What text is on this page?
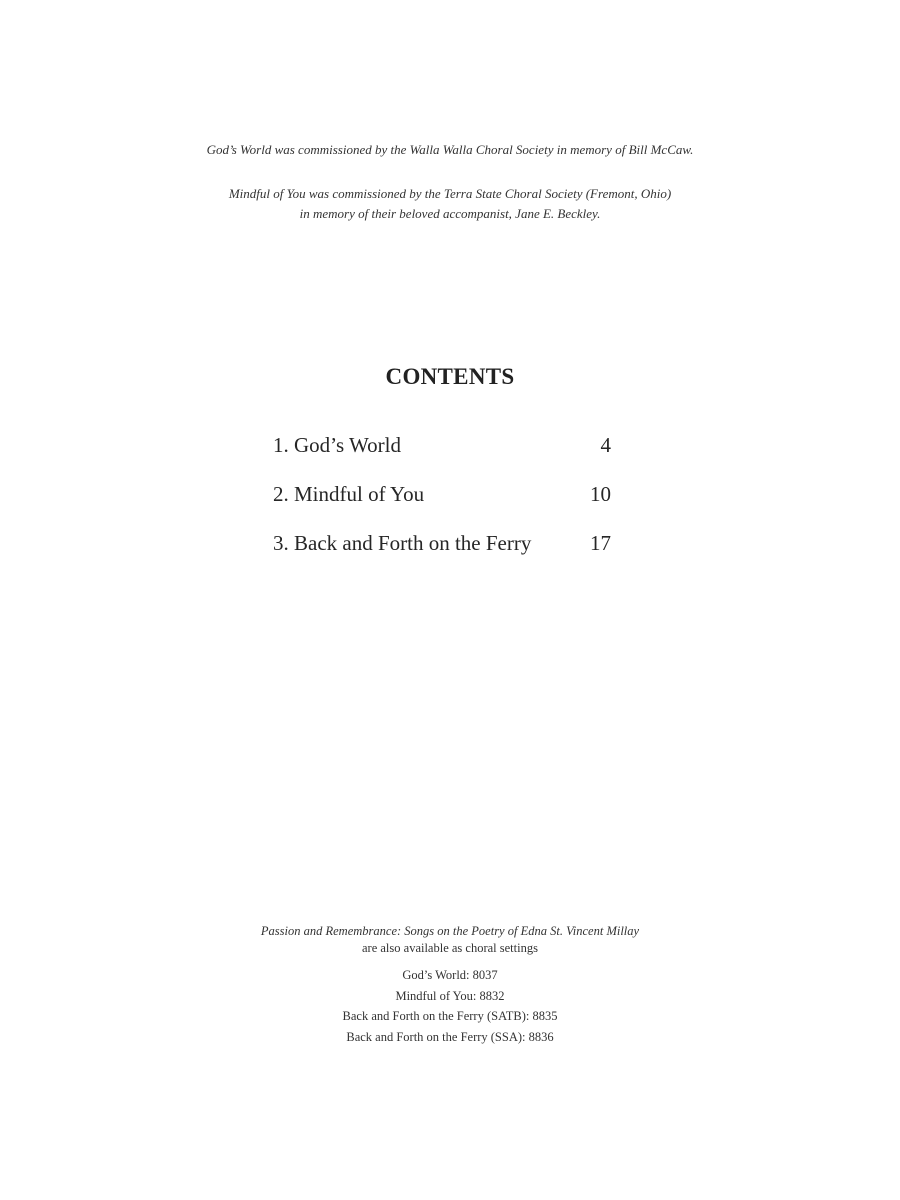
God’s World was commissioned by the Walla Walla Choral Society in memory of Bill McCaw.

Mindful of You was commissioned by the Terra State Choral Society (Fremont, Ohio)

in memory of their beloved accompanist, Jane E. Beckley.

CONTENTS
1. God’s World	4
2. Mindful of You	10
3. Back and Forth on the Ferry	17
Passion and Remembrance: Songs on the Poetry of Edna St. Vincent Millay
are also available as choral settings
God’s World: 8037
Mindful of You: 8832
Back and Forth on the Ferry (SATB): 8835
Back and Forth on the Ferry (SSA): 8836
